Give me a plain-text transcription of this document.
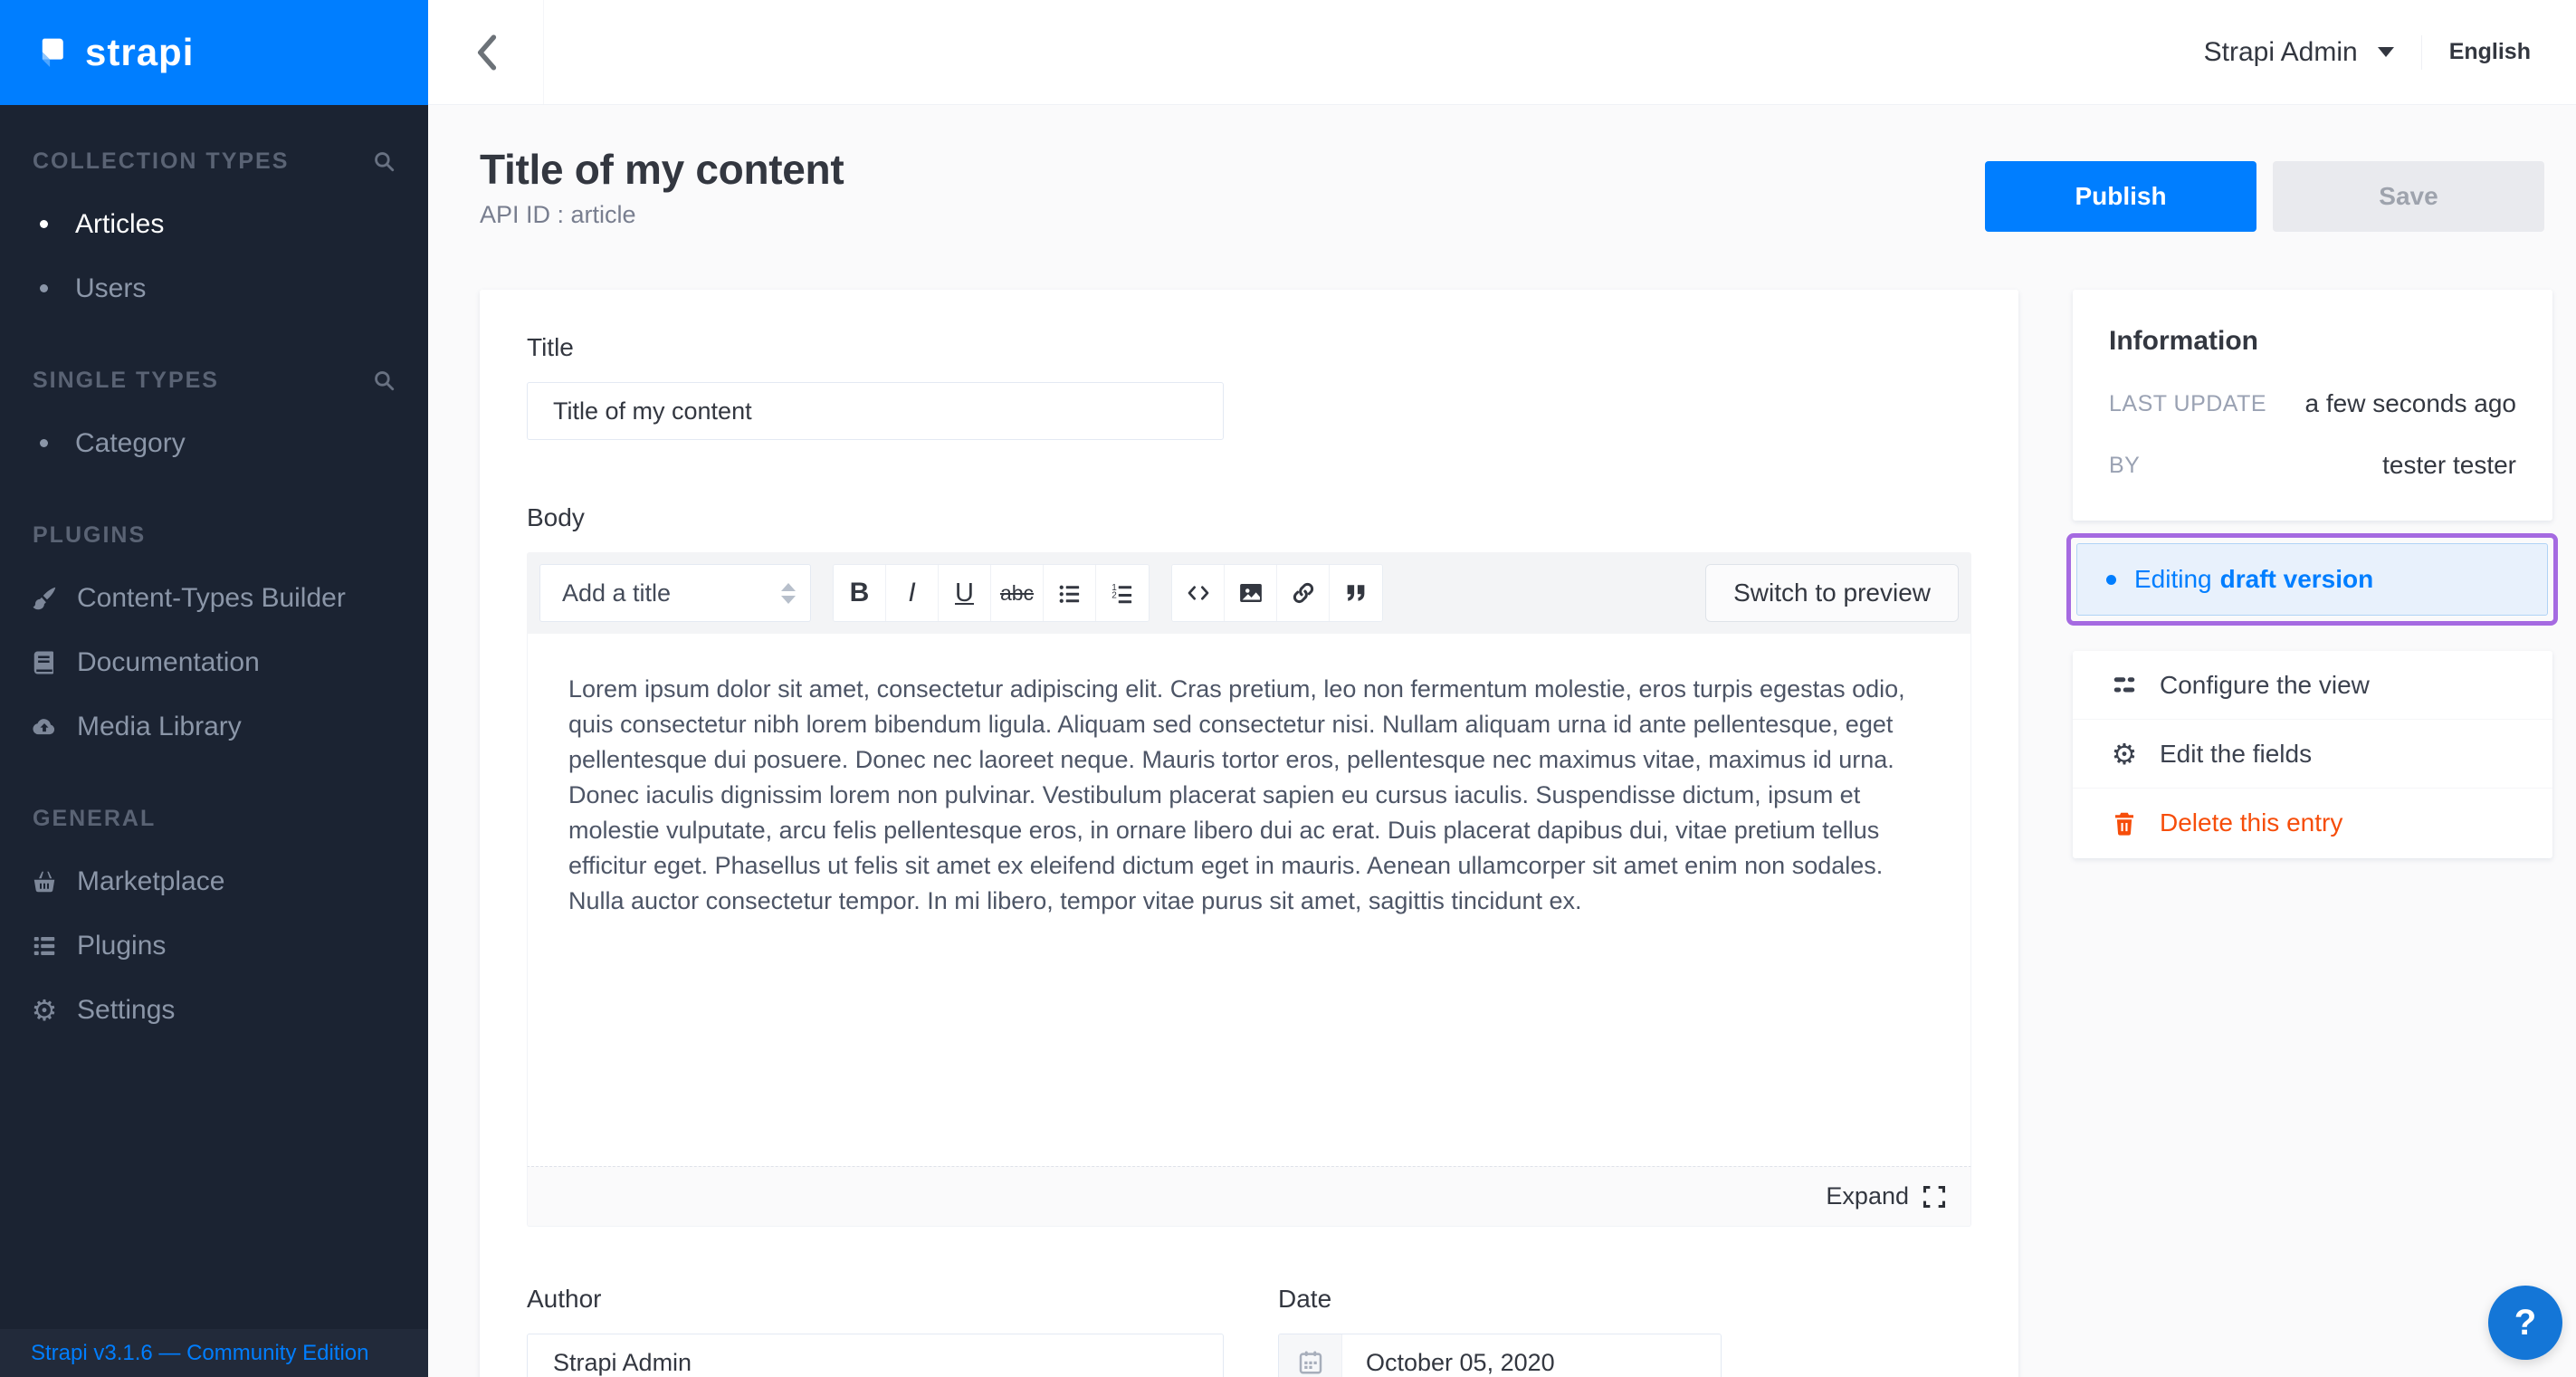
strapi
COLLECTION TYPES
Articles
Users
SINGLE TYPES
Category
PLUGINS
Content-Types Builder
Documentation
Media Library
GENERAL
Marketplace
Plugins
⚙ Settings
Strapi v3.1.6 — Community Edition
Strapi Admin	English
Title of my content
API ID : article
Publish	Save
Title
Title of my content
Body
Add a title	B	I	U	abc	1
2	Switch to preview

Lorem ipsum dolor sit amet, consectetur adipiscing elit. Cras pretium, leo non fermentum molestie, eros turpis egestas odio, quis consectetur nibh lorem bibendum ligula. Aliquam sed consectetur nisi. Nullam aliquam urna id ante pellentesque, eget pellentesque dui posuere. Donec nec laoreet neque. Mauris tortor eros, pellentesque nec maximus vitae, maximus id urna. Donec iaculis dignissim lorem non pulvinar. Vestibulum placerat sapien eu cursus iaculis. Suspendisse dictum, ipsum et molestie vulputate, arcu felis pellentesque eros, in ornare libero dui ac erat. Duis placerat dapibus dui, vitae pretium tellus efficitur eget. Phasellus ut felis sit amet ex eleifend dictum eget in mauris. Aenean ullamcorper sit amet enim non sodales. Nulla auctor consectetur tempor. In mi libero, tempor vitae purus sit amet, sagittis tincidunt ex.

Expand
Author
Strapi Admin	Date
October 05, 2020
Information
LAST UPDATE a few seconds ago
BY	tester tester
Editing draft version
Configure the view
⚙ Edit the fields
Delete this entry
?
